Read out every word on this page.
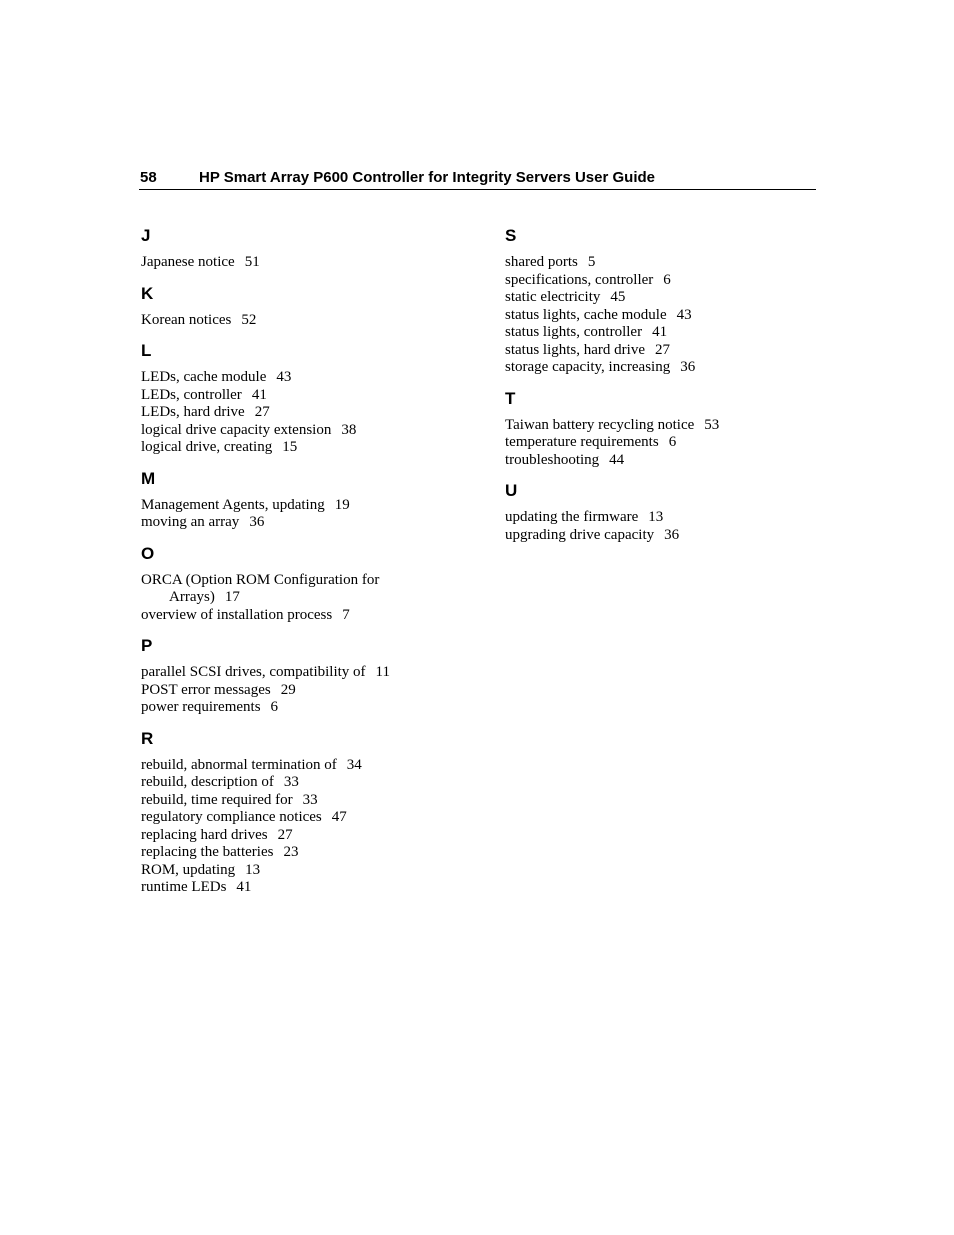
58	HP Smart Array P600 Controller for Integrity Servers User Guide
J
Japanese notice 51
K
Korean notices 52
L
LEDs, cache module 43
LEDs, controller 41
LEDs, hard drive 27
logical drive capacity extension 38
logical drive, creating 15
M
Management Agents, updating 19
moving an array 36
O
ORCA (Option ROM Configuration for
Arrays) 17
overview of installation process 7
P
parallel SCSI drives, compatibility of 11
POST error messages 29
power requirements 6
R
rebuild, abnormal termination of 34
rebuild, description of 33
rebuild, time required for 33
regulatory compliance notices 47
replacing hard drives 27
replacing the batteries 23
ROM, updating 13
runtime LEDs 41
S
shared ports 5
specifications, controller 6
static electricity 45
status lights, cache module 43
status lights, controller 41
status lights, hard drive 27
storage capacity, increasing 36
T
Taiwan battery recycling notice 53
temperature requirements 6
troubleshooting 44
U
updating the firmware 13
upgrading drive capacity 36
